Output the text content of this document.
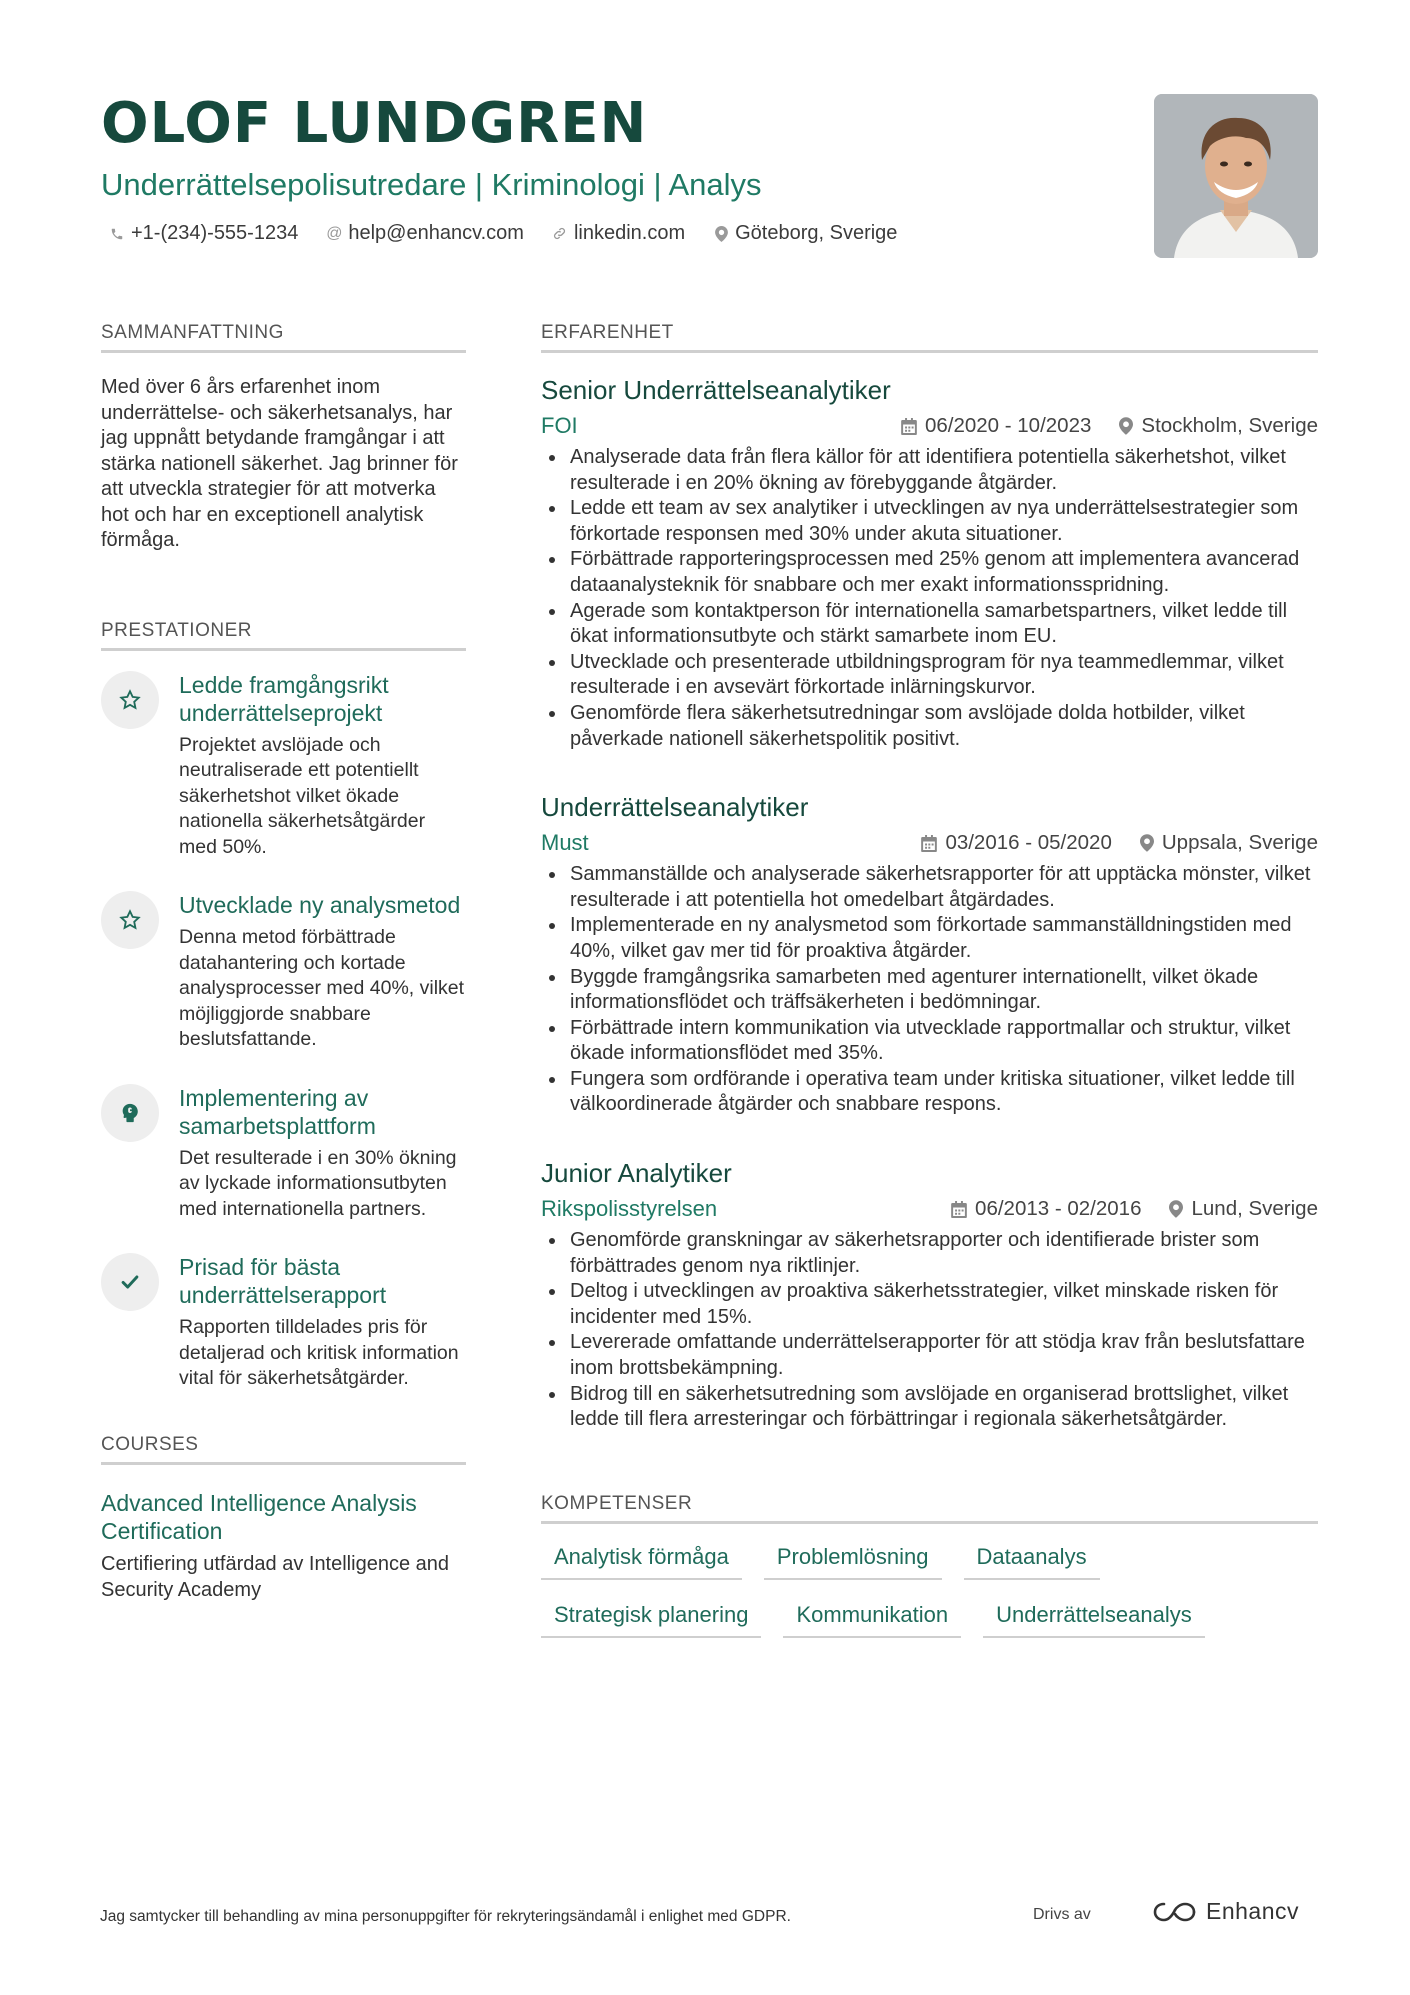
OLOF LUNDGREN
Underrättelsepolisutredare | Kriminologi | Analys
+1-(234)-555-1234 @ help@enhancv.com	linkedin.com	Göteborg, Sverige
SAMMANFATTNING
Med över 6 års erfarenhet inom underrättelse- och säkerhetsanalys, har jag uppnått betydande framgångar i att stärka nationell säkerhet. Jag brinner för att utveckla strategier för att motverka hot och har en exceptionell analytisk förmåga.
PRESTATIONER
Ledde framgångsrikt underrättelseprojekt
Projektet avslöjade och neutraliserade ett potentiellt säkerhetshot vilket ökade nationella säkerhetsåtgärder med 50%.
Utvecklade ny analysmetod
Denna metod förbättrade datahantering och kortade analysprocesser med 40%, vilket möjliggjorde snabbare beslutsfattande.
Implementering av samarbetsplattform
Det resulterade i en 30% ökning av lyckade informationsutbyten med internationella partners.
Prisad för bästa underrättelserapport
Rapporten tilldelades pris för detaljerad och kritisk information vital för säkerhetsåtgärder.
COURSES
Advanced Intelligence Analysis Certification
Certifiering utfärdad av Intelligence and Security Academy
ERFARENHET
Senior Underrättelseanalytiker
FOI	06/2020 - 10/2023 Stockholm, Sverige
Analyserade data från flera källor för att identifiera potentiella säkerhetshot, vilket resulterade i en 20% ökning av förebyggande åtgärder.
Ledde ett team av sex analytiker i utvecklingen av nya underrättelsestrategier som förkortade responsen med 30% under akuta situationer.
Förbättrade rapporteringsprocessen med 25% genom att implementera avancerad dataanalysteknik för snabbare och mer exakt informationsspridning.
Agerade som kontaktperson för internationella samarbetspartners, vilket ledde till ökat informationsutbyte och stärkt samarbete inom EU.
Utvecklade och presenterade utbildningsprogram för nya teammedlemmar, vilket resulterade i en avsevärt förkortade inlärningskurvor.
Genomförde flera säkerhetsutredningar som avslöjade dolda hotbilder, vilket påverkade nationell säkerhetspolitik positivt.
Underrättelseanalytiker
Must	03/2016 - 05/2020 Uppsala, Sverige
Sammanställde och analyserade säkerhetsrapporter för att upptäcka mönster, vilket resulterade i att potentiella hot omedelbart åtgärdades.
Implementerade en ny analysmetod som förkortade sammanställdningstiden med 40%, vilket gav mer tid för proaktiva åtgärder.
Byggde framgångsrika samarbeten med agenturer internationellt, vilket ökade informationsflödet och träffsäkerheten i bedömningar.
Förbättrade intern kommunikation via utvecklade rapportmallar och struktur, vilket ökade informationsflödet med 35%.
Fungera som ordförande i operativa team under kritiska situationer, vilket ledde till välkoordinerade åtgärder och snabbare respons.
Junior Analytiker
Rikspolisstyrelsen	06/2013 - 02/2016 Lund, Sverige
Genomförde granskningar av säkerhetsrapporter och identifierade brister som förbättrades genom nya riktlinjer.
Deltog i utvecklingen av proaktiva säkerhetsstrategier, vilket minskade risken för incidenter med 15%.
Levererade omfattande underrättelserapporter för att stödja krav från beslutsfattare inom brottsbekämpning.
Bidrog till en säkerhetsutredning som avslöjade en organiserad brottslighet, vilket ledde till flera arresteringar och förbättringar i regionala säkerhetsåtgärder.
KOMPETENSER
Analytisk förmåga	Problemlösning	Dataanalys
Strategisk planering	Kommunikation	Underrättelseanalys
Jag samtycker till behandling av mina personuppgifter för rekryteringsändamål i enlighet med GDPR.	Drivs av	Enhancv
